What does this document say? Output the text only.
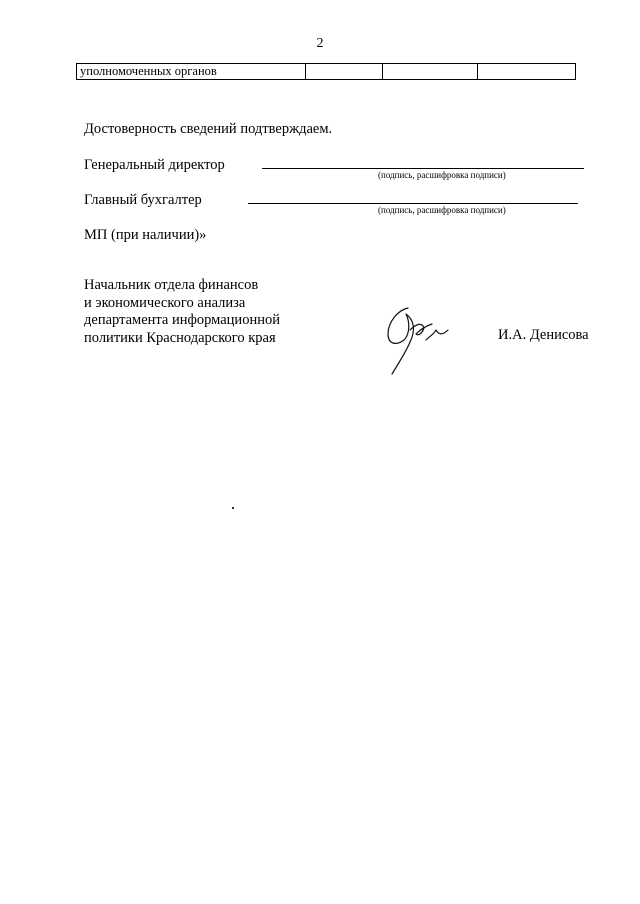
2
уполномоченных органов			
Достоверность сведений подтверждаем.
Генеральный директор
(подпись, расшифровка подписи)
Главный бухгалтер
(подпись, расшифровка подписи)
МП (при наличии)»
Начальник отдела финансов
и экономического анализа
департамента информационной
политики Краснодарского края	И.А. Денисова
